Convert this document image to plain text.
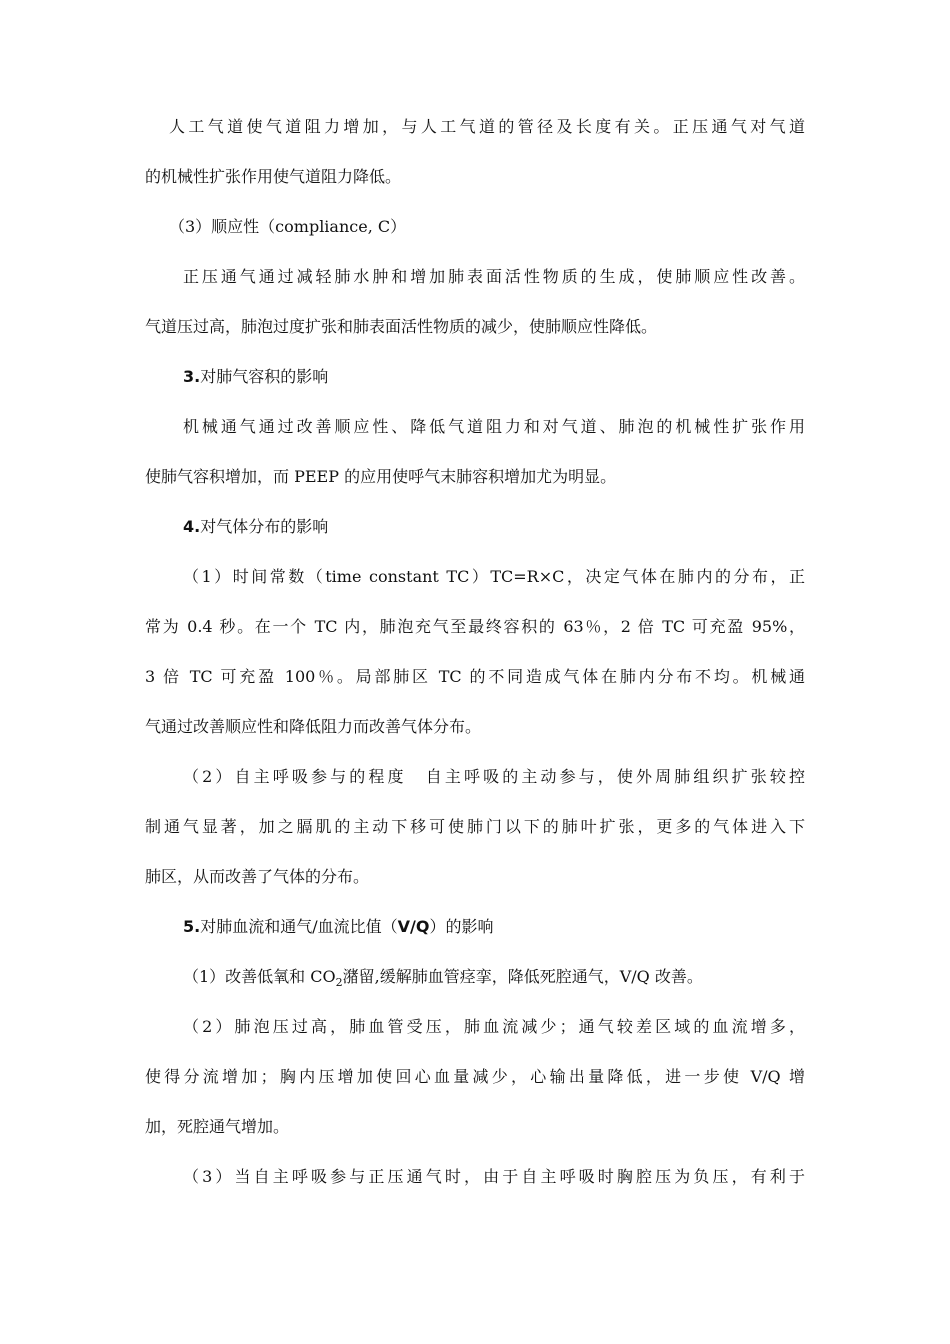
人工气道使气道阻力增加，与人工气道的管径及长度有关。正压通气对气道
的机械性扩张作用使气道阻力降低。
（3）顺应性（compliance, C）
正压通气通过减轻肺水肿和增加肺表面活性物质的生成，使肺顺应性改善。
气道压过高，肺泡过度扩张和肺表面活性物质的减少，使肺顺应性降低。
3.对肺气容积的影响
机械通气通过改善顺应性、降低气道阻力和对气道、肺泡的机械性扩张作用
使肺气容积增加，而 PEEP 的应用使呼气末肺容积增加尤为明显。
4.对气体分布的影响
（1）时间常数（time constant TC）TC=R×C，决定气体在肺内的分布，正
常为 0.4 秒。在一个 TC 内，肺泡充气至最终容积的 63％，2 倍 TC 可充盈 95%，
3 倍 TC 可充盈 100％。局部肺区 TC 的不同造成气体在肺内分布不均。机械通
气通过改善顺应性和降低阻力而改善气体分布。
（2）自主呼吸参与的程度　自主呼吸的主动参与，使外周肺组织扩张较控
制通气显著，加之膈肌的主动下移可使肺门以下的肺叶扩张，更多的气体进入下
肺区，从而改善了气体的分布。
5.对肺血流和通气/血流比值（V/Q）的影响
（1）改善低氧和 $CO_2$潴留,缓解肺血管痉挛，降低死腔通气，V/Q 改善。
（2）肺泡压过高，肺血管受压，肺血流减少；通气较差区域的血流增多，
使得分流增加；胸内压增加使回心血量减少，心输出量降低，进一步使 V/Q 增
加，死腔通气增加。
（3）当自主呼吸参与正压通气时，由于自主呼吸时胸腔压为负压，有利于
